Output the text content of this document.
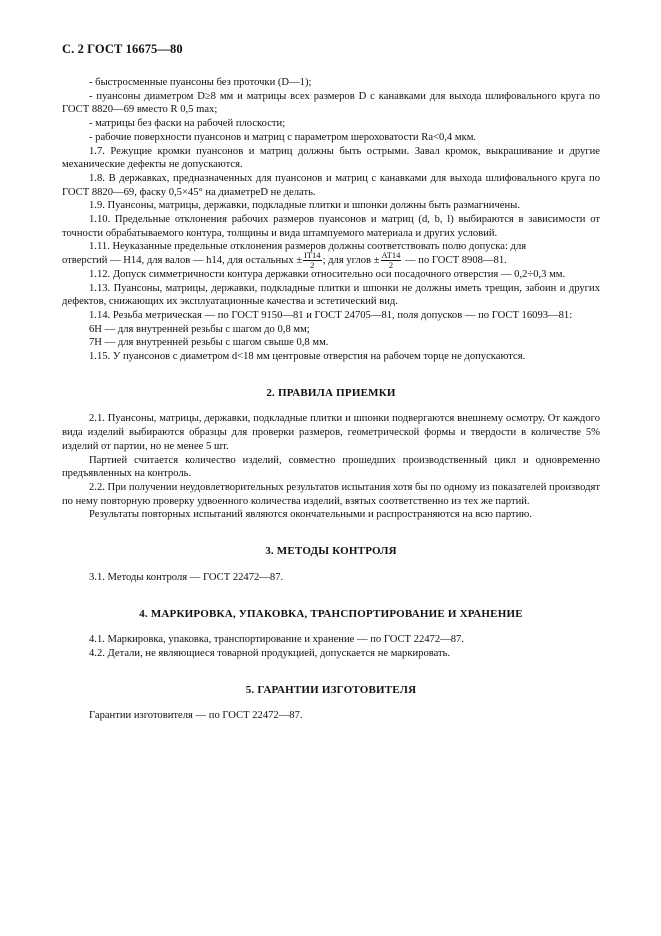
С. 2 ГОСТ 16675—80

- быстросменные пуансоны без проточки (D—1);

- пуансоны диаметром D≥8 мм и матрицы всех размеров D с канавками для выхода шлифовального круга по ГОСТ 8820—69 вместо R 0,5 max;

- матрицы без фаски на рабочей плоскости;

- рабочие поверхности пуансонов и матриц с параметром шероховатости Ra<0,4 мкм.

1.7. Режущие кромки пуансонов и матриц должны быть острыми. Завал кромок, выкрашивание и другие механические дефекты не допускаются.

1.8. В державках, предназначенных для пуансонов и матриц с канавками для выхода шлифовального круга по ГОСТ 8820—69, фаску 0,5×45° на диаметреD не делать.

1.9. Пуансоны, матрицы, державки, подкладные плитки и шпонки должны быть размагничены.

1.10. Предельные отклонения рабочих размеров пуансонов и матриц (d, b, l) выбираются в зависимости от точности обрабатываемого контура, толщины и вида штампуемого материала и других условий.

1.11. Неуказанные предельные отклонения размеров должны соответствовать полю допуска: для

отверстий — Н14, для валов — h14, для остальных ± $\frac{IT14}{2}$ ; для углов ± $\frac{AT14}{2}$ — по ГОСТ 8908—81.

1.12. Допуск симметричности контура державки относительно оси посадочного отверстия — 0,2÷0,3 мм.

1.13. Пуансоны, матрицы, державки, подкладные плитки и шпонки не должны иметь трещин, забоин и других дефектов, снижающих их эксплуатационные качества и эстетический вид.

1.14. Резьба метрическая — по ГОСТ 9150—81 и ГОСТ 24705—81, поля допусков — по ГОСТ 16093—81:

6H — для внутренней резьбы с шагом до 0,8 мм;

7H — для внутренней резьбы с шагом свыше 0,8 мм.

1.15. У пуансонов с диаметром d<18 мм центровые отверстия на рабочем торце не допускаются.

2. ПРАВИЛА ПРИЕМКИ

2.1. Пуансоны, матрицы, державки, подкладные плитки и шпонки подвергаются внешнему осмотру. От каждого вида изделий выбираются образцы для проверки размеров, геометрической формы и твердости в количестве 5% изделий от партии, но не менее 5 шт.

Партией считается количество изделий, совместно прошедших производственный цикл и одновременно предъявленных на контроль.

2.2. При получении неудовлетворительных результатов испытания хотя бы по одному из показателей производят по нему повторную проверку удвоенного количества изделий, взятых соответственно из тех же партий.

Результаты повторных испытаний являются окончательными и распространяются на всю партию.

3. МЕТОДЫ КОНТРОЛЯ

3.1. Методы контроля — ГОСТ 22472—87.

4. МАРКИРОВКА, УПАКОВКА, ТРАНСПОРТИРОВАНИЕ И ХРАНЕНИЕ

4.1. Маркировка, упаковка, транспортирование и хранение — по ГОСТ 22472—87.

4.2. Детали, не являющиеся товарной продукцией, допускается не маркировать.

5. ГАРАНТИИ ИЗГОТОВИТЕЛЯ

Гарантии изготовителя — по ГОСТ 22472—87.
